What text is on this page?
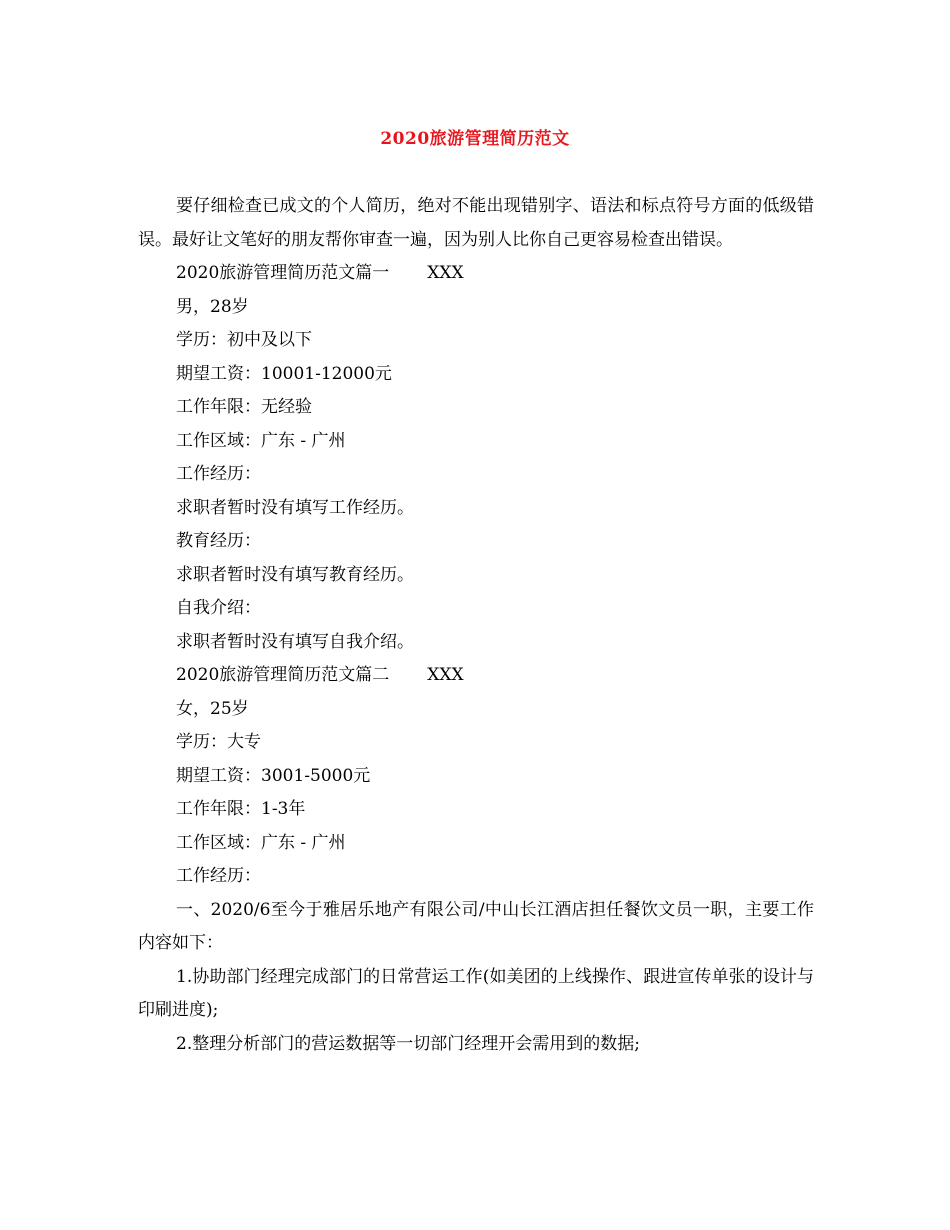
2020旅游管理简历范文

要仔细检查已成文的个人简历，绝对不能出现错别字、语法和标点符号方面的低级错误。最好让文笔好的朋友帮你审查一遍，因为别人比你自己更容易检查出错误。

2020旅游管理简历范文篇一 XXX

男，28岁

学历：初中及以下

期望工资：10001-12000元

工作年限：无经验

工作区域：广东 - 广州

工作经历：

求职者暂时没有填写工作经历。

教育经历：

求职者暂时没有填写教育经历。

自我介绍：

求职者暂时没有填写自我介绍。

2020旅游管理简历范文篇二 XXX

女，25岁

学历：大专

期望工资：3001-5000元

工作年限：1-3年

工作区域：广东 - 广州

工作经历：

一、2020/6至今于雅居乐地产有限公司/中山长江酒店担任餐饮文员一职，主要工作内容如下：

1.协助部门经理完成部门的日常营运工作(如美团的上线操作、跟进宣传单张的设计与印刷进度);

2.整理分析部门的营运数据等一切部门经理开会需用到的数据;
